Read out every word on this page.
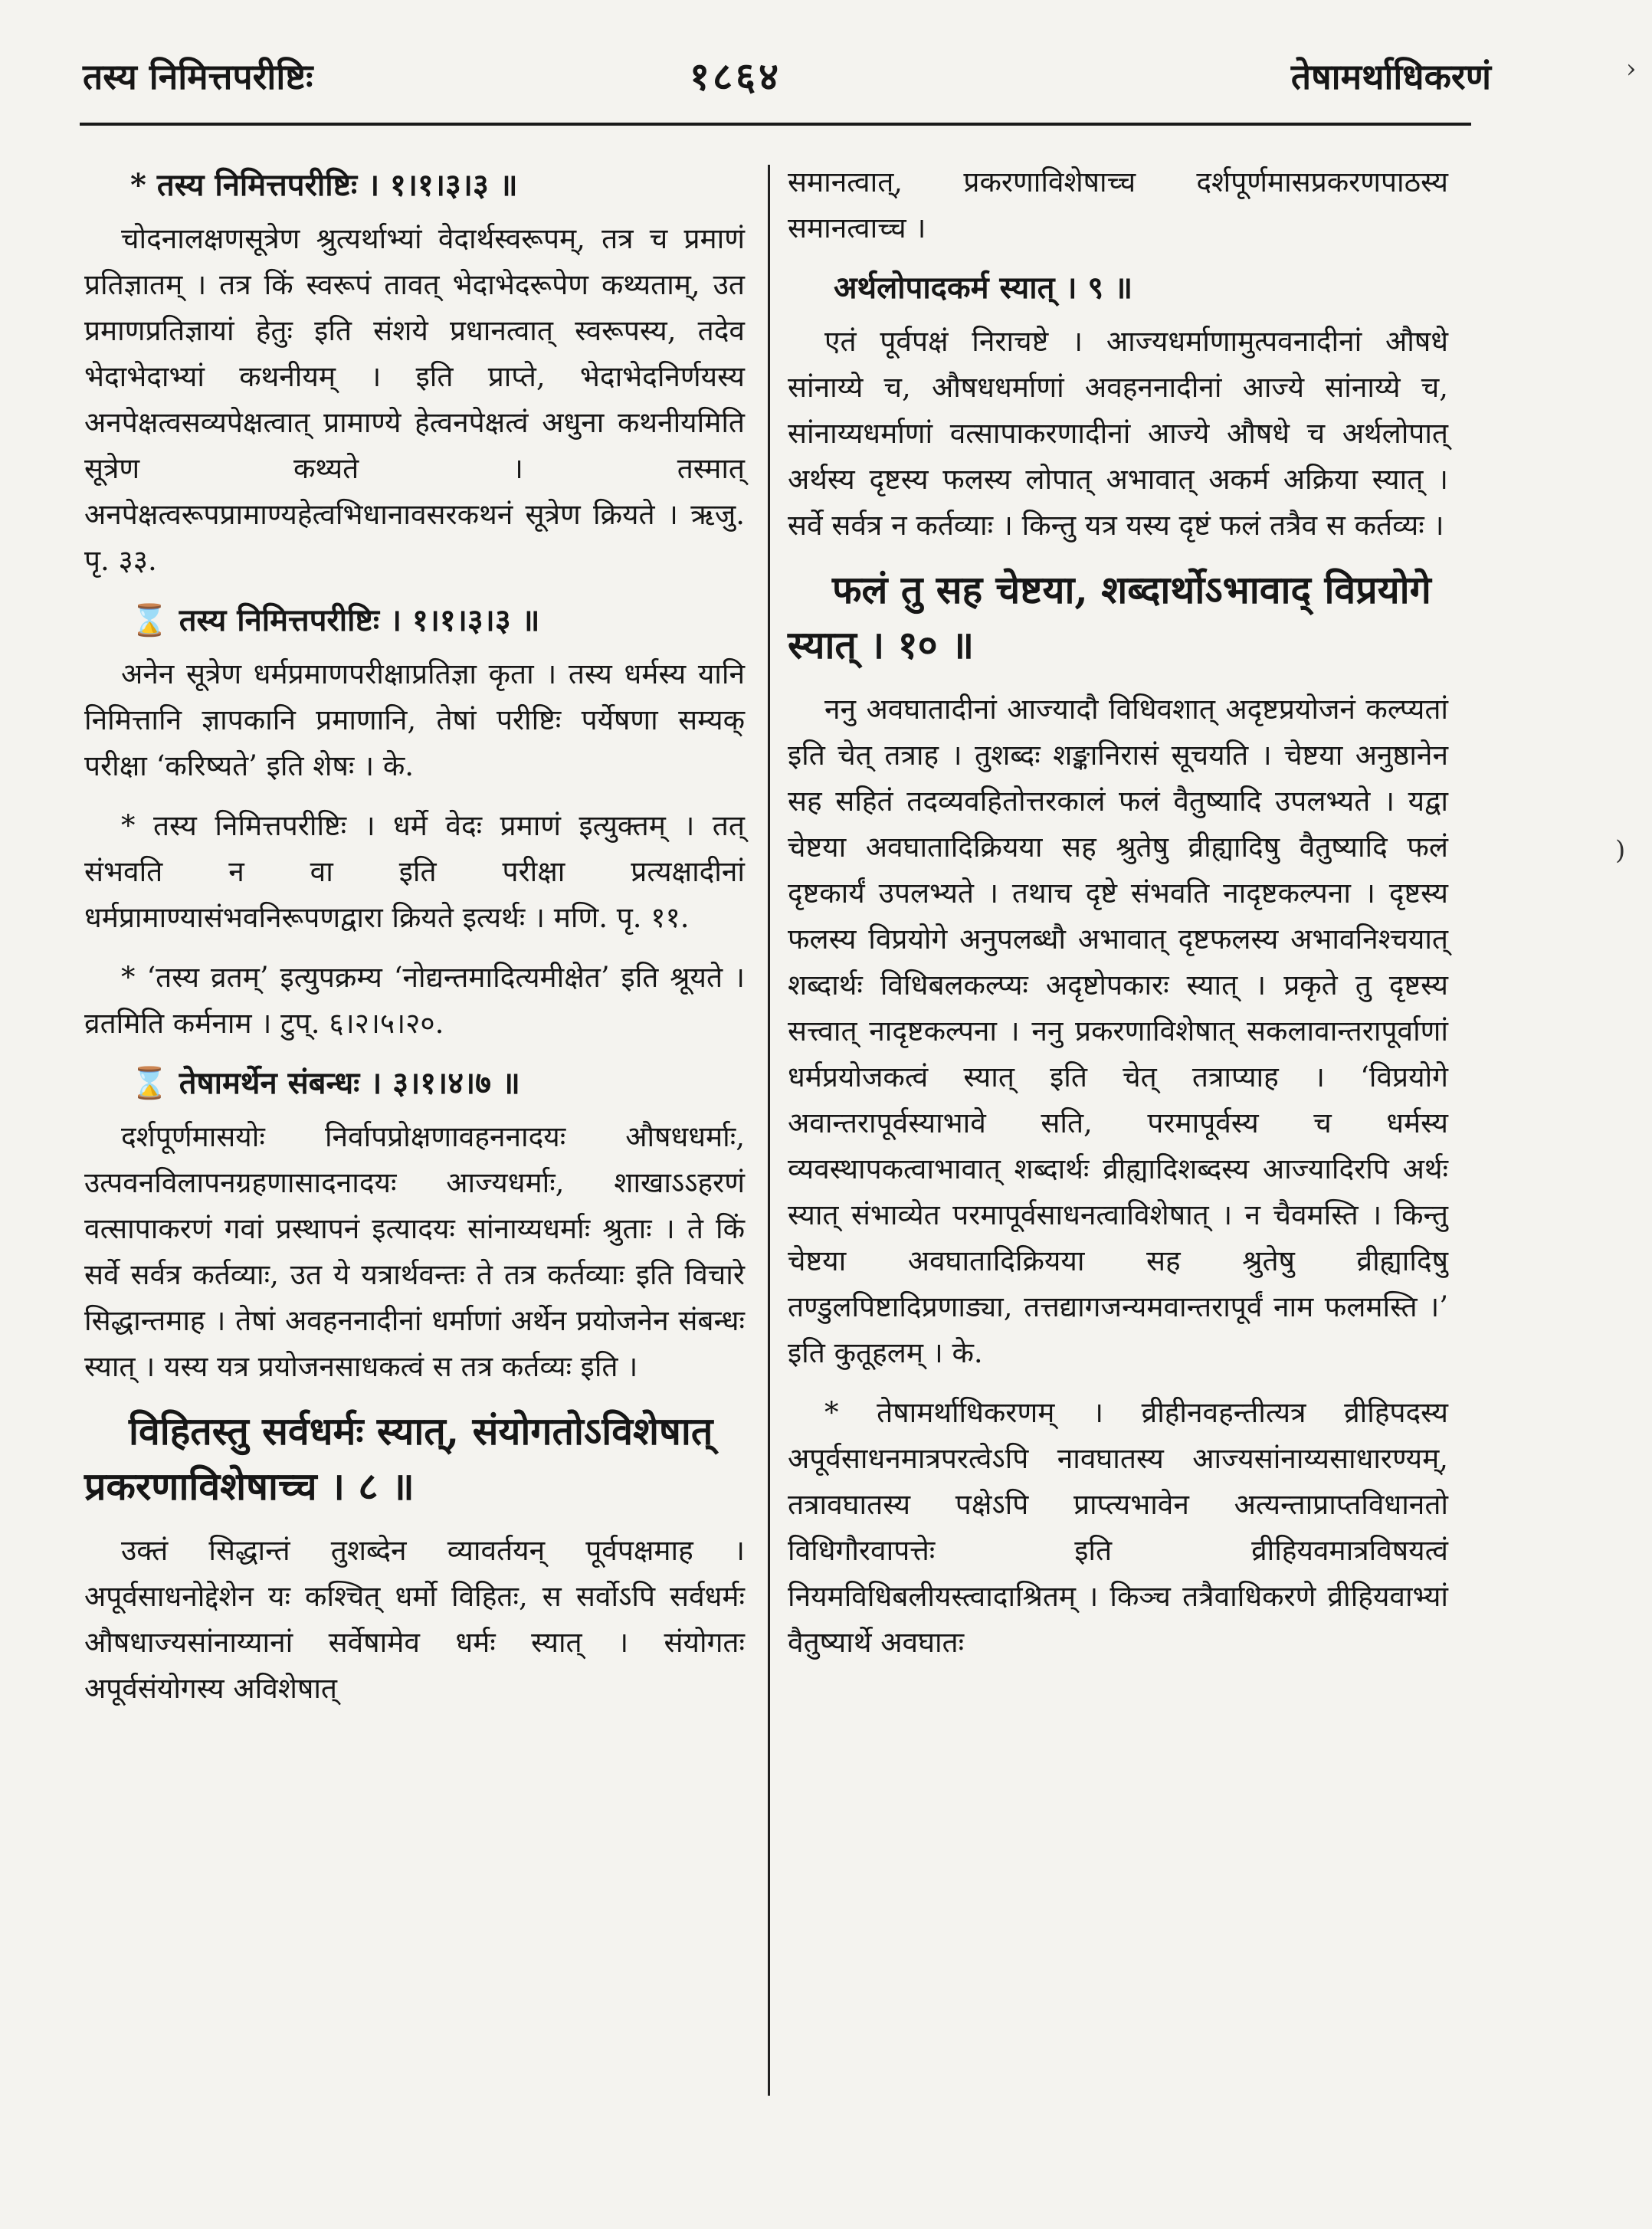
तस्य निमित्तपरीष्टिः	१८६४	तेषामर्थाधिकरणं	›
)
* तस्य निमित्तपरीष्टिः । १।१।३।३ ॥

चोदनालक्षणसूत्रेण श्रुत्यर्थाभ्यां वेदार्थस्वरूपम्, तत्र च प्रमाणं प्रतिज्ञातम् । तत्र किं स्वरूपं तावत् भेदाभेदरूपेण कथ्यताम्, उत प्रमाणप्रतिज्ञायां हेतुः इति संशये प्रधानत्वात् स्वरूपस्य, तदेव भेदाभेदाभ्यां कथनीयम् । इति प्राप्ते, भेदाभेदनिर्णयस्य अनपेक्षत्वसव्यपेक्षत्वात् प्रामाण्ये हेत्वनपेक्षत्वं अधुना कथनीयमिति सूत्रेण कथ्यते । तस्मात् अनपेक्षत्वरूपप्रामाण्यहेत्वभिधानावसरकथनं सूत्रेण क्रियते । ऋजु. पृ. ३३.

⌛ तस्य निमित्तपरीष्टिः । १।१।३।३ ॥

अनेन सूत्रेण धर्मप्रमाणपरीक्षाप्रतिज्ञा कृता । तस्य धर्मस्य यानि निमित्तानि ज्ञापकानि प्रमाणानि, तेषां परीष्टिः पर्येषणा सम्यक् परीक्षा ‘करिष्यते’ इति शेषः । के.

* तस्य निमित्तपरीष्टिः । धर्मे वेदः प्रमाणं इत्युक्तम् । तत् संभवति न वा इति परीक्षा प्रत्यक्षादीनां धर्मप्रामाण्यासंभवनिरूपणद्वारा क्रियते इत्यर्थः । मणि. पृ. ११.

* ‘तस्य व्रतम्’ इत्युपक्रम्य ‘नोद्यन्तमादित्यमीक्षेत’ इति श्रूयते । व्रतमिति कर्मनाम । टुप्. ६।२।५।२०.

⌛ तेषामर्थेन संबन्धः । ३।१।४।७ ॥

दर्शपूर्णमासयोः निर्वापप्रोक्षणावहननादयः औषधधर्माः, उत्पवनविलापनग्रहणासादनादयः आज्यधर्माः, शाखाऽऽहरणं वत्सापाकरणं गवां प्रस्थापनं इत्यादयः सांनाय्यधर्माः श्रुताः । ते किं सर्वे सर्वत्र कर्तव्याः, उत ये यत्रार्थवन्तः ते तत्र कर्तव्याः इति विचारे सिद्धान्तमाह । तेषां अवहननादीनां धर्माणां अर्थेन प्रयोजनेन संबन्धः स्यात् । यस्य यत्र प्रयोजनसाधकत्वं स तत्र कर्तव्यः इति ।

विहितस्तु सर्वधर्मः स्यात्, संयोगतोऽविशेषात् प्रकरणाविशेषाच्च । ८ ॥

उक्तं सिद्धान्तं तुशब्देन व्यावर्तयन् पूर्वपक्षमाह । अपूर्वसाधनोद्देशेन यः कश्चित् धर्मो विहितः, स सर्वोऽपि सर्वधर्मः औषधाज्यसांनाय्यानां सर्वेषामेव धर्मः स्यात् । संयोगतः अपूर्वसंयोगस्य अविशेषात्

समानत्वात्, प्रकरणाविशेषाच्च दर्शपूर्णमासप्रकरणपाठस्य समानत्वाच्च ।

अर्थलोपादकर्म स्यात् । ९ ॥

एतं पूर्वपक्षं निराचष्टे । आज्यधर्माणामुत्पवनादीनां औषधे सांनाय्ये च, औषधधर्माणां अवहननादीनां आज्ये सांनाय्ये च, सांनाय्यधर्माणां वत्सापाकरणादीनां आज्ये औषधे च अर्थलोपात् अर्थस्य दृष्टस्य फलस्य लोपात् अभावात् अकर्म अक्रिया स्यात् । सर्वे सर्वत्र न कर्तव्याः । किन्तु यत्र यस्य दृष्टं फलं तत्रैव स कर्तव्यः ।

फलं तु सह चेष्टया, शब्दार्थोऽभावाद् विप्रयोगे स्यात् । १० ॥

ननु अवघातादीनां आज्यादौ विधिवशात् अदृष्टप्रयोजनं कल्प्यतां इति चेत् तत्राह । तुशब्दः शङ्कानिरासं सूचयति । चेष्टया अनुष्ठानेन सह सहितं तदव्यवहितोत्तरकालं फलं वैतुष्यादि उपलभ्यते । यद्वा चेष्टया अवघातादिक्रियया सह श्रुतेषु व्रीह्यादिषु वैतुष्यादि फलं दृष्टकार्यं उपलभ्यते । तथाच दृष्टे संभवति नादृष्टकल्पना । दृष्टस्य फलस्य विप्रयोगे अनुपलब्धौ अभावात् दृष्टफलस्य अभावनिश्चयात् शब्दार्थः विधिबलकल्प्यः अदृष्टोपकारः स्यात् । प्रकृते तु दृष्टस्य सत्त्वात् नादृष्टकल्पना । ननु प्रकरणाविशेषात् सकलावान्तरापूर्वाणां धर्मप्रयोजकत्वं स्यात् इति चेत् तत्राप्याह । ‘विप्रयोगे अवान्तरापूर्वस्याभावे सति, परमापूर्वस्य च धर्मस्य व्यवस्थापकत्वाभावात् शब्दार्थः व्रीह्यादिशब्दस्य आज्यादिरपि अर्थः स्यात् संभाव्येत परमापूर्वसाधनत्वाविशेषात् । न चैवमस्ति । किन्तु चेष्टया अवघातादिक्रियया सह श्रुतेषु व्रीह्यादिषु तण्डुलपिष्टादिप्रणाड्या, तत्तद्यागजन्यमवान्तरापूर्वं नाम फलमस्ति ।’ इति कुतूहलम् । के.

* तेषामर्थाधिकरणम् । व्रीहीनवहन्तीत्यत्र व्रीहिपदस्य अपूर्वसाधनमात्रपरत्वेऽपि नावघातस्य आज्यसांनाय्यसाधारण्यम्, तत्रावघातस्य पक्षेऽपि प्राप्त्यभावेन अत्यन्ताप्राप्तविधानतो विधिगौरवापत्तेः इति व्रीहियवमात्रविषयत्वं नियमविधिबलीयस्त्वादाश्रितम् । किञ्च तत्रैवाधिकरणे व्रीहियवाभ्यां वैतुष्यार्थे अवघातः
